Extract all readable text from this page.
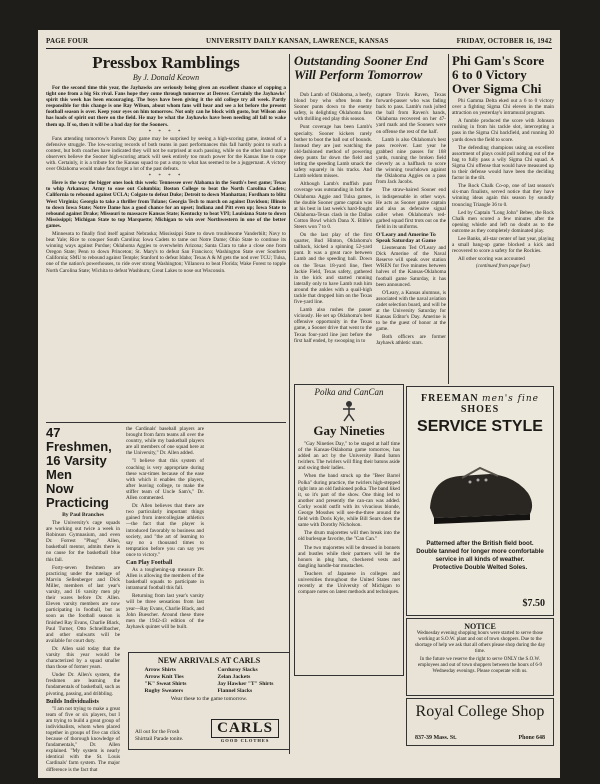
PAGE FOUR	UNIVERSITY DAILY KANSAN, LAWRENCE, KANSAS	FRIDAY, OCTOBER 16, 1942
Pressbox Ramblings
By J. Donald Keown

For the second time this year, the Jayhawks are seriously being given an excellent chance of copping a tight one from a big Six rival. Fans hope they come through tomorrow at Denver. Certainly the Jayhawks' spirit this week has been encouraging. The boys have been giving it the old college try all week. Partly responsible for this change is one Ray Wilson, about whom fans will hear and see a lot before the present football season is over. Keep your eyes on him tomorrow. Not only can he block with gusto, but Wilson also has loads of spirit out there on the field. He may be what the Jayhawks have been needing all fall to wake them up. If so, then it will be a bad day for the Sooners.

* * * *

Fans attending tomorrow's Parents Day game may be surprised by seeing a high-scoring game, instead of a defensive struggle. The low-scoring records of both teams in past performances this fall hardly point to such a contest, but both coaches have indicated they will not be surprised at such passing, while on the other hand many observers believe the Sooner high-scoring attack will seek entirely too much power for the Kansas line to cope with. Certainly, it is a tribute for the Kansas squad to put a stop to what has seemed to be a juggernaut. A victory over Oklahoma would make fans forget a lot of the past defeats.

* * * *

Here is the way the bigger ones look this week: Tennessee over Alabama in the South's best game; Texas to whip Arkansas; Army to ease out Columbia; Boston College to beat the North Carolina Cadets; California to rebound against UCLA; Colgate to defeat Duke; Detroit to down Manhattan; Fordham to blitz West Virginia; Georgia to take a thriller from Tulane; Georgia Tech to march on against Davidson; Illinois to down Iowa State; Notre Dame has a good chance for an upset; Indiana and Pitt even up; Iowa State to rebound against Drake; Missouri to massacre Kansas State; Kentucky to beat VPI; Louisiana State to down Mississippi; Michigan State to top Marquette; Michigan to win over Northwestern in one of the better games.

Minnesota to finally find itself against Nebraska; Mississippi State to down troublesome Vanderbilt; Navy to beat Yale; Rice to conquer South Carolina; Iowa Cadets to tame out Notre Dame; Ohio State to continue its winning ways against Purdue; Oklahoma Aggies to overwhelm Arizona; Santa Clara to take a close one from Oregon State; Penn to down Princeton; St. Mary's to defeat San Francisco; Washington State over Southern California; SMU to rebound against Temple; Stanford to defeat Idaho; Texas A & M gets the nod over TCU; Tulsa, one of the nation's powerhouses, to ride over strong Washington; Villanova to beat Florida; Wake Forest to topple North Carolina State; Wichita to defeat Washburn; Great Lakes to nose out Wisconsin.

Outstanding Sooner End
Will Perform Tomorrow

Dub Lamb of Oklahoma, a beefy, blond boy who often beats the Sooner punts down to the enemy safety, is delighting Oklahoma fans with thrilling end play this season.

Punt coverage has been Lamb's specialty. Sooner kickers rarely bother to boot the ball out of bounds. Instead they are just watching the old-fashioned method of powering deep punts far down the field and letting the speeding Lamb smack the safety squarely in his tracks. And Lamb seldom misses.

Although Lamb's muffish punt coverage was outstanding in both the Oklahoma Aggie and Tulsa games, the double Sooner game captain was at his best in last week's hard-fought Oklahoma-Texas clash in the Dallas Cotton Bowl which Dana X. Bible's Steers won 7 to 0.

On the last play of the first quarter, Bud Hinton, Oklahoma's tailback, kicked a spinning 52-yard punt. It was a great race between Lamb and the speeding ball. Down on the Texas 18-yard line, fleet Jackie Field, Texas safety, gathered in the kick and started running laterally only to have Lamb rush him around the ankles with a quail-high tackle that dropped him on the Texas five-yard line.

Lamb also rushes the passer viciously. He set up Oklahoma's best offensive opportunity in the Texas game, a Sooner drive that went to the Texas four-yard line just before the first half ended, by swooping in to

capture Travis Raven, Texas forward-passer who was fading back to pass. Lamb's rush jolted the ball from Raven's hands, Oklahoma recovered on her 47-yard mark and the Sooners were on offense the rest of the half.

Lamb is also Oklahoma's best pass receiver. Last year he grabbed nine passes for 168 yards, running the broken field cleverly as a halfback to score the winning touchdown against the Oklahoma Aggies on a pass from Jack Jacobs.

The straw-haired Sooner end is indispensable in other ways. He acts as Sooner game captain and also as defensive signal caller when Oklahoma's red-garbed squad first trots out on the field in its uniforms.

O'Leary and Amerine To Speak Saturday at Game

Lieutenants Ted O'Leary and Dick Amerine of the Naval Reserve will speak over station WREN for five minutes between halves of the Kansas-Oklahoma football game Saturday, it has been announced.

O'Leary, a Kansas alumnus, is associated with the naval aviation cadet selection board, and will be at the University Saturday for Kansas Editor's Day. Amerine is to be the guest of honor at the game.

Both officers are former Jayhawk athletic stars.

Phi Gam's Score
6 to 0 Victory
Over Sigma Chi

Phi Gamma Delta eked out a 6 to 0 victory over a fighting Sigma Chi eleven in the main attraction on yesterday's intramural program.

A fumble produced the score with Johnson rushing in from his tackle slot, intercepting a pass in the Sigma Chi backfield, and running 30 yards down the field to score.

The defending champions using an excellent assortment of plays could pull nothing out of the bag to fully pass a wily Sigma Chi squad. A Sigma Chi offense that would have measured up to their defense would have been the deciding factor in the tilt.

The Rock Chalk Co-op, one of last season's six-man finalists, served notice that they have winning ideas again this season by soundly trouncing Triangle 36 to 0.

Led by Captain "Long John" Bebee, the Rock Chalk men scored a few minutes after the opening whistle and left no doubt as to the outcome as they completely dominated play.

Lee Banks, all-star center of last year, playing a small bang-up game blocked a kick and recovered to score a safety for the Rockies.

All other scoring was accounted

(continued from page four)
Polka and CanCan
Gay Nineties

"Gay Nineties Day," to be staged at half time of the Kansas-Oklahoma game tomorrow, has added an act by the University Band baton twirlers. The twirlers will fling their batons aside and swing their ladies.

When the band struck up the "Beer Barrel Polka" during practice, the twirlers high-stepped right into an old fashioned polka. The band liked it, so it's part of the show. One thing led to another and presently the can-can was added. Corky would outfit with its vivacious blonde, George Mosshes will see-the-three around the field with Doris Kyle, while Bill Sears does the same with Dorothy Nicholson.

The drum majorettes will then break into the old burlesque favorite, the "Can Can."

The two majorettes will be dressed in bonnets and bustles while their partners will be the honors in plug hats, checkered vests and dangling handle-bar mustaches.

Teachers of Japanese in colleges and universities throughout the United States met recently at the University of Michigan to compare notes on latest methods and techniques.

FREEMAN men's fine SHOES
SERVICE STYLE
Patterned after the British field boot.
Double tanned for longer more comfortable service in all kinds of weather.
Protective Double Welted Soles.
$7.50
NOTICE

Wednesday evening shopping hours were started to serve those working at S.O.W. plant and out of town shoppers. Due to the shortage of help we ask that all others please shop during the day time.

In the future we reserve the right to serve ONLY the S.O.W. employees and out of town shoppers between the hours of 6-9 Wednesday evenings. Please cooperate with us.

Royal College Shop
837-39 Mass. St.	Phone 648
47 Freshmen,
16 Varsity Men
Now Practicing
By Paul Branches

The University's cage squads are working out twice a week in Robinson Gymnasium, and even Dr. Forrest "Phog" Allen, basketball mentor, admits there is no cause for the basketball blue this fall.

Forty-seven freshmen are practicing under the tutelage of Marvin Sellenberger and Dick Miller, members of last year's varsity, and 16 varsity men ply their wares before Dr. Allen. Eleven varsity members are now participating in football, but as soon as the football season is finished Ray Evans, Charlie Black, Paul Turner, Otto Schnellbacher, and other stalwarts will be available for court duty.

Dr. Allen said today that the varsity this year would be characterized by a squad smaller than those of former years.

Under Dr. Allen's system, the freshmen are learning the fundamentals of basketball, such as pivoting, passing, and dribbling.

Builds Individualists

"I am not trying to make a great team of five or six players, but I am trying to build a great group of individualists, whom when placed together in groups of five can click because of thorough knowledge of fundamentals," Dr. Allen explained. "My system is nearly identical with the St. Louis Cardinals' farm system. The major difference is the fact that

the Cardinals' baseball players are brought from farm teams all over the country, while my basketball players are all members of one squad here at the University," Dr. Allen added.

"I believe that this system of coaching is very appropriate during these war-times because of the ease with which it enables the players, after leaving college, to make the stiffer team of Uncle Sam's," Dr. Allen commented.

Dr. Allen believes that there are two particularly important things gained from intercollegiate athletics —the fact that the player is introduced favorably to business and society, and "the art of learning to say no a thousand times to temptation before you can say yes once to victory."

Can Play Football

As a toughening-up measure Dr. Allen is allowing the members of the basketball squads to participate in intramural football this fall.

Returning from last year's varsity will be three sensations from last year—Ray Evans, Charlie Black, and John Buescher. Around these three men the 1942-43 edition of the Jayhawk quintet will be built.

NEW ARRIVALS AT CARLS
Arrow Shirts
Arrow Knit Ties
"K" Sweat Shirts
Rugby Sweaters
Corduroy Slacks
Zelan Jackets
Jay Hawker "T" Shirts
Flannel Slacks
Wear these to the game tomorrow.
All out for the Frosh
Shirttail Parade tonite.
CARLS
GOOD CLOTHES
